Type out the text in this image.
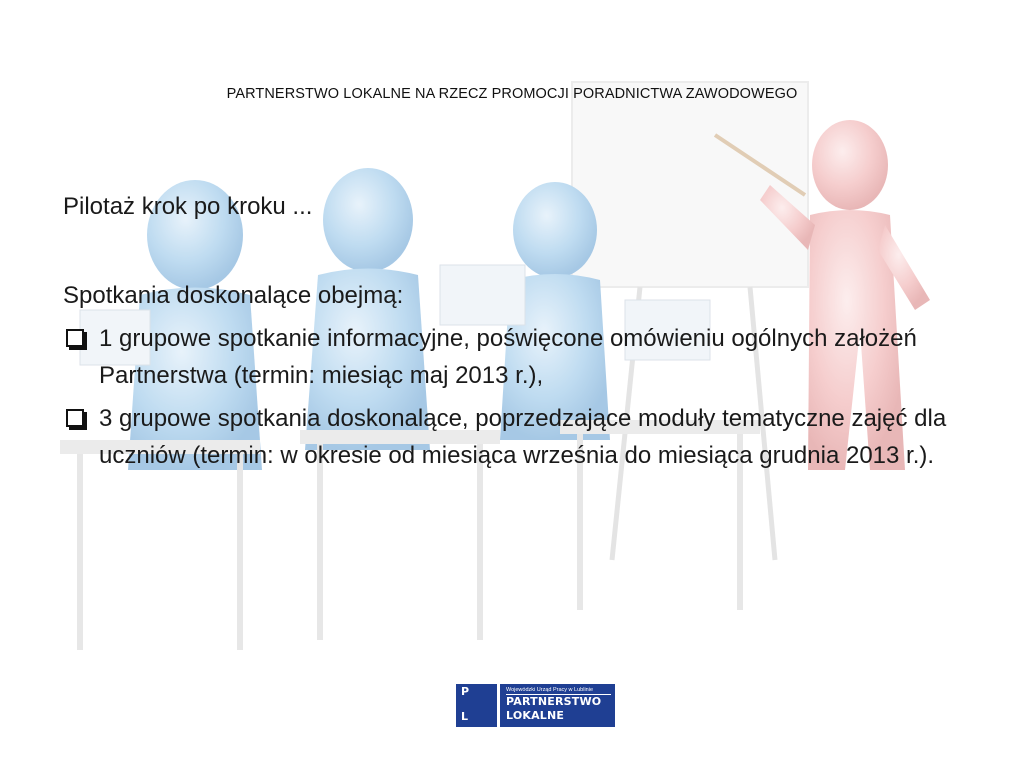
PARTNERSTWO LOKALNE NA RZECZ PROMOCJI PORADNICTWA ZAWODOWEGO

Pilotaż krok po kroku ...

Spotkania doskonalące obejmą:

1 grupowe spotkanie informacyjne, poświęcone omówieniu ogólnych założeń Partnerstwa (termin: miesiąc maj 2013 r.),
3 grupowe spotkania doskonalące, poprzedzające moduły tematyczne zajęć dla uczniów (termin: w okresie od miesiąca września do miesiąca grudnia 2013 r.).
P
L
Wojewódzki Urząd Pracy w Lublinie
PARTNERSTWO
LOKALNE
